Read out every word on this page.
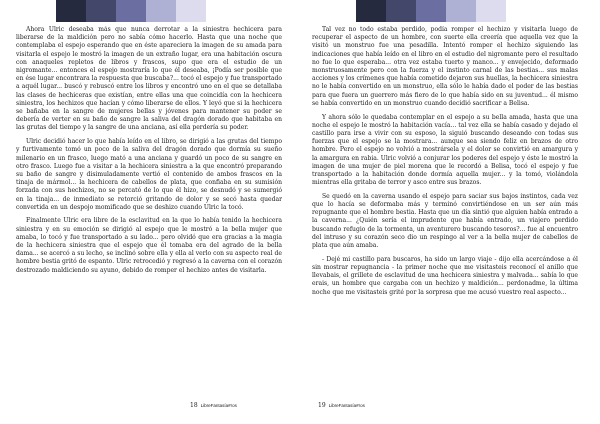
Ahora Ulric deseaba más que nunca derrotar a la siniestra hechicera para liberarse de la maldición pero no sabía cómo hacerlo. Hasta que una noche que contemplaba el espejo esperando que en éste apareciera la imagen de su amada para visitarla el espejo le mostró la imagen de un extraño lugar, era una habitación oscura con anaqueles repletos de libros y frascos, supo que era el estudio de un nigromante... entonces el espejo mostraría lo que él deseaba, ¡Podía ser posible que en ése lugar encontrara la respuesta que buscaba?... tocó el espejo y fue transportado a aquél lugar... buscó y rebuscó entre los libros y encontró uno en el que se detallaba las clases de hechiceras que existían, entre ellas una que coincidía con la hechicera siniestra, los hechizos que hacían y cómo liberarse de ellos. Y leyó que si la hechicera se bañaba en la sangre de mujeres bellas y jóvenes para mantener su poder se debería de verter en su baño de sangre la saliva del dragón dorado que habitaba en las grutas del tiempo y la sangre de una anciana, así ella perdería su poder.

Ulric decidió hacer lo que había leído en el libro, se dirigió a las grutas del tiempo y furtivamente tomó un poco de la saliva del dragón dorado que dormía su sueño milenario en un frasco, luego mató a una anciana y guardó un poco de su sangre en otro frasco. Luego fue a visitar a la hechicera siniestra a la que encontró preparando su baño de sangre y disimuladamente vertió el contenido de ambos frascos en la tinaja de mármol... la hechicera de cabellos de plata, que confiaba en su sumisión forzada con sus hechizos, no se percató de lo que él hizo, se desnudó y se sumergió en la tinaja... de inmediato se retorció gritando de dolor y se secó hasta quedar convertida en un despojo momificado que se deshizo cuando Ulric la tocó.

Finalmente Ulric era libre de la esclavitud en la que lo había tenido la hechicera siniestra y en su emoción se dirigió al espejo que le mostró a la bella mujer que amaba, lo tocó y fue transportado a su lado... pero olvidó que era gracias a la magia de la hechicera siniestra que el espejo que él tomaba era del agrado de la bella dama... se acercó a su lecho, se inclinó sobre ella y ella al verlo con su aspecto real de hombre bestia gritó de espanto. Ulric retrocedió y regresó a la caverna con el corazón destrozado maldiciendo su ayuno, debido de romper el hechizo antes de visitarla.

Tal vez no todo estaba perdido, podía romper el hechizo y visitarla luego de recuperar el aspecto de un hombre, con suerte ella creería que aquella vez que la visitó un monstruo fue una pesadilla. Intentó romper el hechizo siguiendo las indicaciones que había leído en el libro en el estudio del nigromante pero el resultado no fue lo que esperaba... otra vez estaba tuerto y manco... y envejecido, deformado monstruosamente pero con la fuerza y el instinto carnal de las bestias... sus malas acciones y los crímenes que había cometido dejaron sus huellas, la hechicera siniestra no le había convertido en un monstruo, ella sólo le había dado el poder de las bestias para que fuera un guerrero más fiero de lo que había sido en su juventud... él mismo se había convertido en un monstruo cuando decidió sacrificar a Belisa.

Y ahora sólo le quedaba contemplar en el espejo a su bella amada, hasta que una noche el espejo le mostró la habitación vacía... tal vez ella se había casado y dejado el castillo para irse a vivir con su esposo, la siguió buscando deseando con todas sus fuerzas que el espejo se la mostrara... aunque sea siendo feliz en brazos de otro hombre. Pero el espejo no volvió a mostrársela y el dolor se convirtió en amargura y la amargura en rabia. Ulric volvió a conjurar los poderes del espejo y éste le mostró la imagen de una mujer de piel morena que le recordó a Belisa, tocó el espejo y fue transportado a la habitación donde dormía aquella mujer... y la tomó, violándola mientras ella gritaba de terror y asco entre sus brazos.

Se quedó en la caverna usando el espejo para saciar sus bajos instintos, cada vez que lo hacía se deformaba más y terminó convirtiéndose en un ser aún más repugnante que el hombre bestia. Hasta que un día sintió que alguien había entrado a la caverna... ¿Quién sería el imprudente que había entrado, un viajero perdido buscando refugio de la tormenta, un aventurero buscando tesoros?... fue al encuentro del intruso y su corazón seco dio un respingo al ver a la bella mujer de cabellos de plata que aún amaba.

- Dejé mi castillo para buscaros, ha sido un largo viaje - dijo ella acercándose a él sin mostrar repugnancia - la primer noche que me visitasteis reconocí el anillo que llevabais, el grillete de esclavitud de una hechicera siniestra y malvada... sabía lo que erais, un hombre que cargaba con un hechizo y maldición... perdonadme, la última noche que me visitasteis grité por la sorpresa que me acusó vuestro real aspecto...

18 LibreFantasía#ros	19 LibreFantasía#ros
